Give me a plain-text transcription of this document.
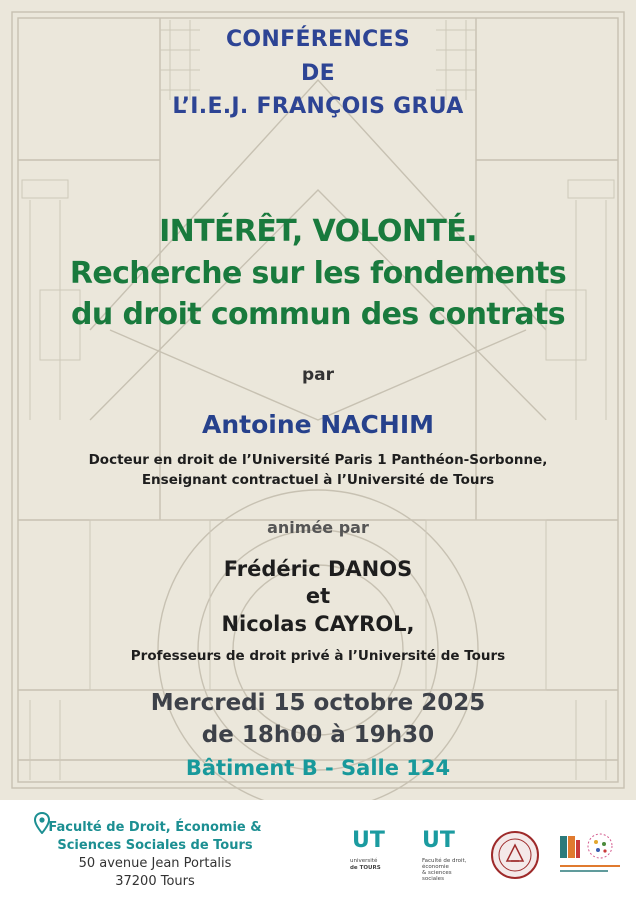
CONFÉRENCES

DE

L’I.E.J. FRANÇOIS GRUA

INTÉRÊT, VOLONTÉ.

Recherche sur les fondements

du droit commun des contrats

par

Antoine NACHIM

Docteur en droit de l’Université Paris 1 Panthéon-Sorbonne,

Enseignant contractuel à l’Université de Tours

animée par

Frédéric DANOS

et

Nicolas CAYROL,

Professeurs de droit privé à l’Université de Tours

Mercredi 15 octobre 2025

de 18h00 à 19h30

Bâtiment B - Salle 124

Faculté de Droit, Économie &

Sciences Sociales de Tours

50 avenue Jean Portalis

37200 Tours

UT

université

de TOURS

UT

Faculté de droit,

économie

& sciences sociales
